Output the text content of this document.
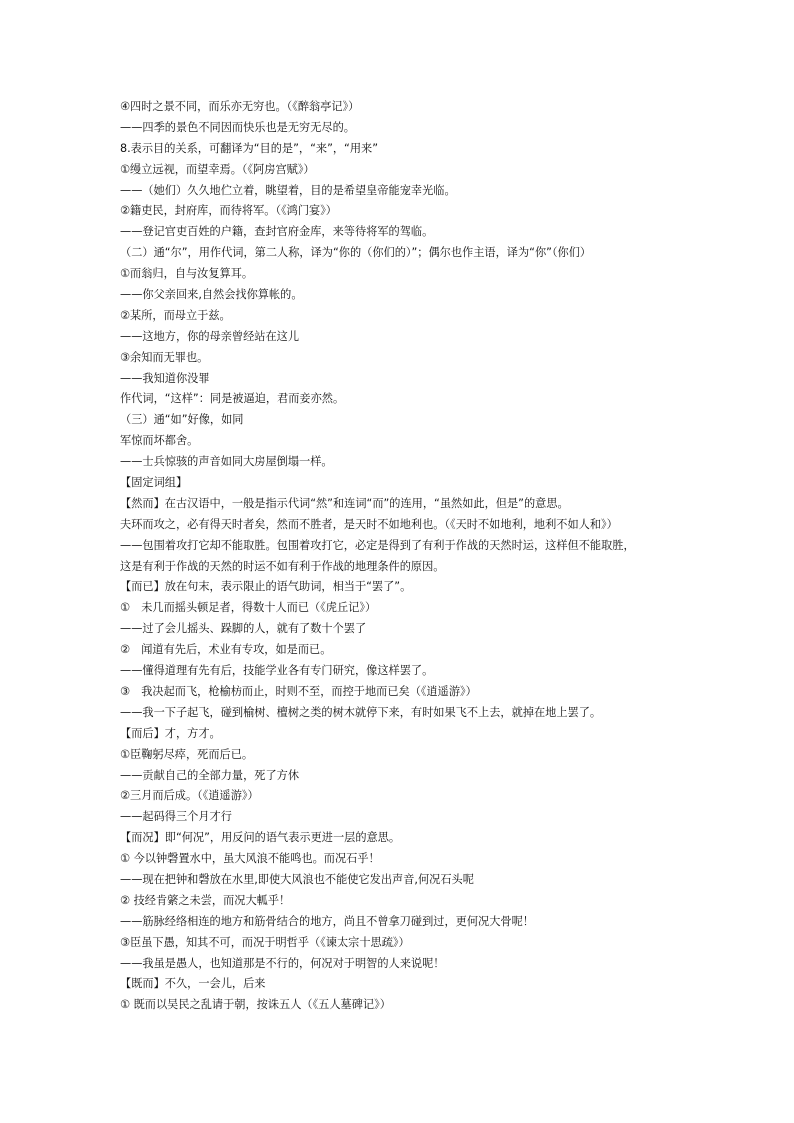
④四时之景不同，而乐亦无穷也。（《醉翁亭记》）
——四季的景色不同因而快乐也是无穷无尽的。
8.表示目的关系，可翻译为“目的是”，“来”，“用来”
①缦立远视，而望幸焉。（《阿房宫赋》）
——（她们）久久地伫立着，眺望着，目的是希望皇帝能宠幸光临。
②籍吏民，封府库，而待将军。（《鸿门宴》）
——登记官吏百姓的户籍，查封官府金库，来等待将军的驾临。
（二）通“尔”，用作代词，第二人称，译为“你的（你们的）”；偶尔也作主语，译为“你”（你们）
①而翁归，自与汝复算耳。
——你父亲回来,自然会找你算帐的。
②某所，而母立于兹。
——这地方，你的母亲曾经站在这儿
③余知而无罪也。
——我知道你没罪
作代词，“这样”：同是被逼迫，君而妾亦然。
（三）通“如”好像，如同
军惊而坏都舍。
——士兵惊骇的声音如同大房屋倒塌一样。
【固定词组】
【然而】在古汉语中，一般是指示代词“然”和连词“而”的连用，“虽然如此，但是”的意思。
夫环而攻之，必有得天时者矣，然而不胜者，是天时不如地利也。（《天时不如地利，地利不如人和》）
——包围着攻打它却不能取胜。包围着攻打它，必定是得到了有利于作战的天然时运，这样但不能取胜，
这是有利于作战的天然的时运不如有利于作战的地理条件的原因。
【而已】放在句末，表示限止的语气助词，相当于“罢了”。
①　未几而摇头顿足者，得数十人而已（《虎丘记》）
——过了会儿摇头、跺脚的人，就有了数十个罢了
②　闻道有先后，术业有专攻，如是而已。
——懂得道理有先有后，技能学业各有专门研究，像这样罢了。
③　我决起而飞，枪榆枋而止，时则不至，而控于地而已矣（《逍遥游》）
——我一下子起飞，碰到榆树、檀树之类的树木就停下来，有时如果飞不上去，就掉在地上罢了。
【而后】才，方才。
①臣鞠躬尽瘁，死而后已。
——贡献自己的全部力量，死了方休
②三月而后成。（《逍遥游》）
——起码得三个月才行
【而况】即“何况”，用反问的语气表示更进一层的意思。
① 今以钟磬置水中，虽大风浪不能鸣也。而况石乎！
——现在把钟和磬放在水里,即使大风浪也不能使它发出声音,何况石头呢
② 技经肯綮之未尝，而况大軱乎！
——筋脉经络相连的地方和筋骨结合的地方，尚且不曾拿刀碰到过，更何况大骨呢！
③臣虽下愚，知其不可，而况于明哲乎（《谏太宗十思疏》）
——我虽是愚人，也知道那是不行的，何况对于明智的人来说呢！
【既而】不久，一会儿，后来
① 既而以吴民之乱请于朝，按诛五人（《五人墓碑记》）
